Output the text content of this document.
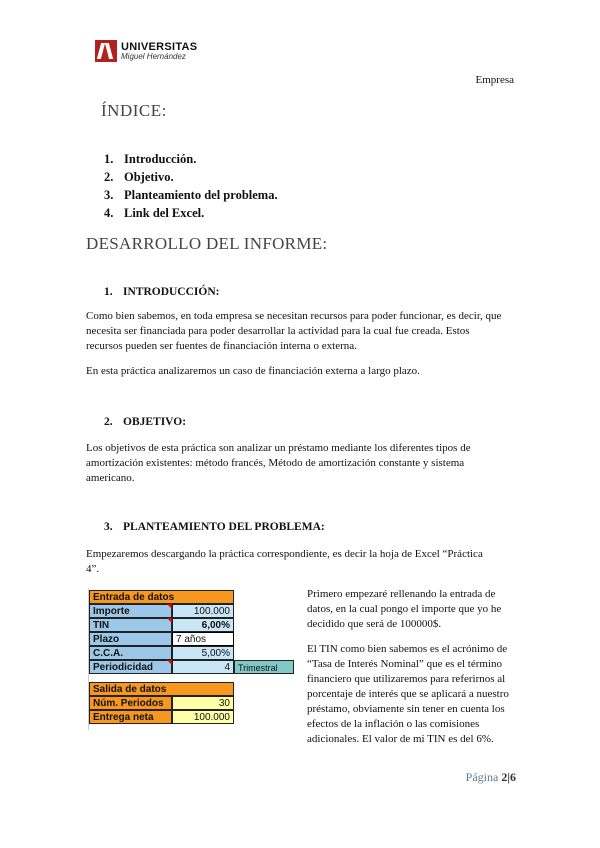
UNIVERSITAS
Miguel Hernández
Empresa
ÍNDICE:
1. Introducción.
2. Objetivo.
3. Planteamiento del problema.
4. Link del Excel.
DESARROLLO DEL INFORME:
1. INTRODUCCIÓN:
Como bien sabemos, en toda empresa se necesitan recursos para poder funcionar, es decir, que necesita ser financiada para poder desarrollar la actividad para la cual fue creada. Estos recursos pueden ser fuentes de financiación interna o externa.
En esta práctica analizaremos un caso de financiación externa a largo plazo.
2. OBJETIVO:
Los objetivos de esta práctica son analizar un préstamo mediante los diferentes tipos de amortización existentes: método francés, Método de amortización constante y sistema americano.
3. PLANTEAMIENTO DEL PROBLEMA:
Empezaremos descargando la práctica correspondiente, es decir la hoja de Excel “Práctica 4”.
Entrada de datos
Importe	100.000
TIN	6,00%
Plazo	7 años
C.C.A.	5,00%
Periodicidad	4 Trimestral
Salida de datos
Núm. Periodos	30
Entrega neta	100.000
Primero empezaré rellenando la entrada de datos, en la cual pongo el importe que yo he decidido que será de 100000$.
El TIN como bien sabemos es el acrónimo de “Tasa de Interés Nominal” que es el término financiero que utilizaremos para referirnos al porcentaje de interés que se aplicará a nuestro préstamo, obviamente sin tener en cuenta los efectos de la inflación o las comisiones adicionales. El valor de mi TIN es del 6%.
Página 2|6
